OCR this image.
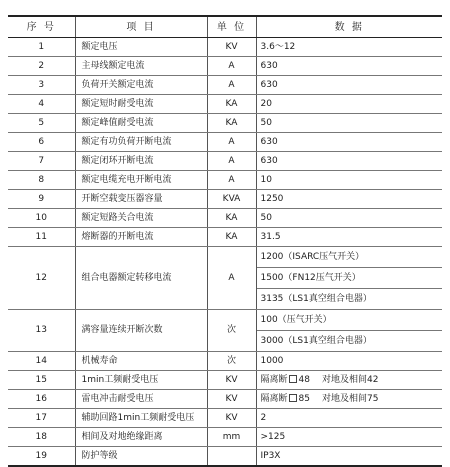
序 号	项 目	单 位	数 据
1	额定电压	KV	3.6～12
2	主母线额定电流	A	630
3	负荷开关额定电流	A	630
4	额定短时耐受电流	KA	20
5	额定峰值耐受电流	KA	50
6	额定有功负荷开断电流	A	630
7	额定闭环开断电流	A	630
8	额定电缆充电开断电流	A	10
9	开断空载变压器容量	KVA	1250
10	额定短路关合电流	KA	50
11	熔断器的开断电流	KA	31.5
12	组合电器额定转移电流	A	1200（ISARC压气开关）
			1500（FN12压气开关）
			3135（LS1真空组合电器）
13	满容量连续开断次数	次	100（压气开关）
			3000（LS1真空组合电器）
14	机械寿命	次	1000
15	1min工频耐受电压	KV	隔离断 48 对地及相间42
16	雷电冲击耐受电压	KV	隔离断 85 对地及相间75
17	辅助回路1min工频耐受电压	KV	2
18	相间及对地绝缘距离	mm	>125
19	防护等级		IP3X
